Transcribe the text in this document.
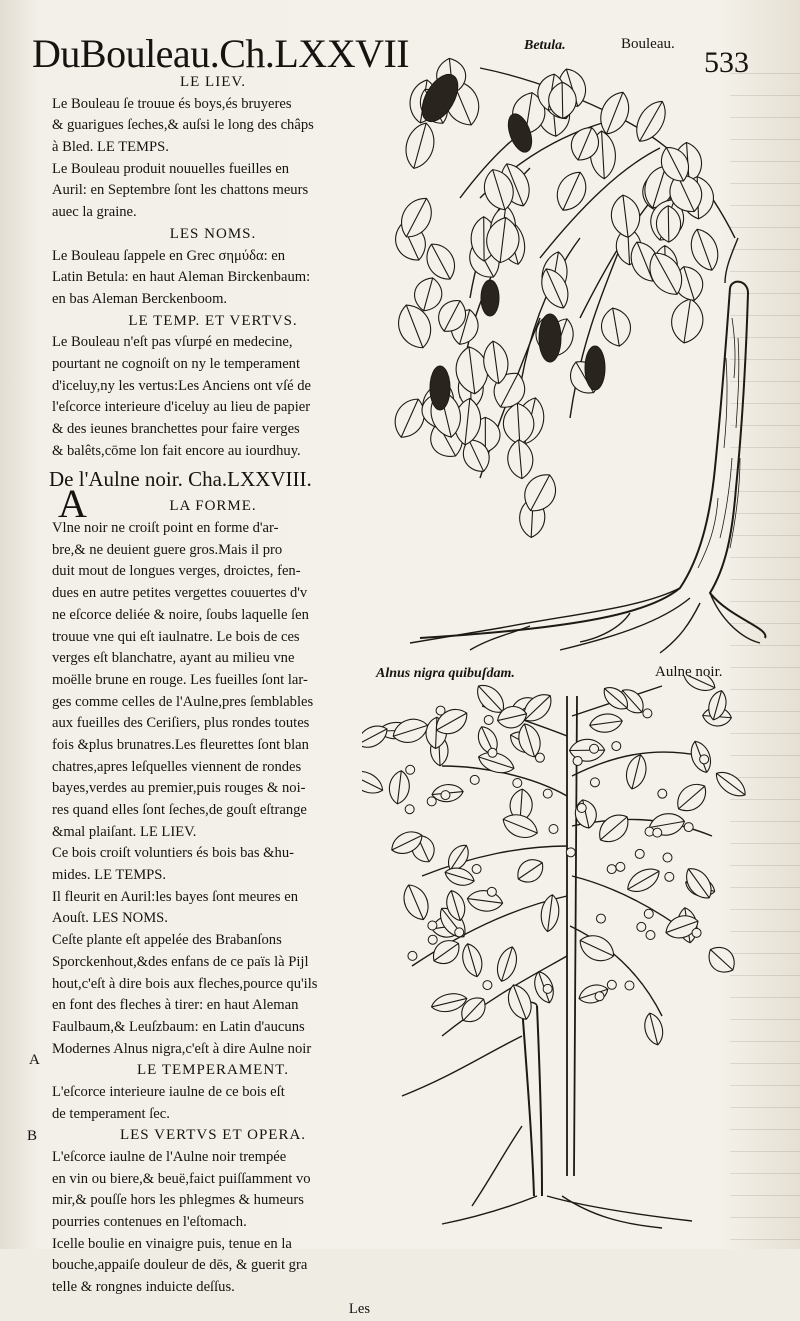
DuBouleau.Ch.LXXVII	Betula.	Bouleau.
533
LE LIEV.
Le Bouleau ſe trouue és boys,és bruyeres
& guarigues ſeches,& auſsi le long des châps
à Bled. LE TEMPS.
Le Bouleau produit nouuelles fueilles en
Auril: en Septembre ſont les chattons meurs
auec la graine.
LES NOMS.
Le Bouleau ſappele en Grec σημύδα: en
Latin Betula: en haut Aleman Birckenbaum:
en bas Aleman Berckenboom.
LE TEMP. ET VERTVS.
Le Bouleau n'eſt pas vſurpé en medecine,
pourtant ne cognoiſt on ny le temperament
d'iceluy,ny les vertus:Les Anciens ont vſé de
l'eſcorce interieure d'iceluy au lieu de papier
& des ieunes branchettes pour faire verges
& balêts,cōme lon fait encore au iourdhuy.
De l'Aulne noir. Cha.LXXVIII.
LA FORME.
Vlne noir ne croiſt point en forme d'ar-
bre,& ne deuient guere gros.Mais il pro
duit mout de longues verges, droictes, fen-
dues en autre petites vergettes couuertes d'v
ne eſcorce deliée & noire, ſoubs laquelle ſen
trouue vne qui eſt iaulnatre. Le bois de ces
verges eſt blanchatre, ayant au milieu vne
moëlle brune en rouge. Les fueilles ſont lar-
ges comme celles de l'Aulne,pres ſemblables
aux fueilles des Ceriſiers, plus rondes toutes
fois &plus brunatres.Les fleurettes ſont blan
chatres,apres leſquelles viennent de rondes
bayes,verdes au premier,puis rouges & noi-
res quand elles ſont ſeches,de gouſt eſtrange
&mal plaiſant. LE LIEV.
Ce bois croiſt voluntiers és bois bas &hu-
mides. LE TEMPS.
Il fleurit en Auril:les bayes ſont meures en
Aouſt. LES NOMS.
Ceſte plante eſt appelée des Brabanſons
Sporckenhout,&des enfans de ce païs là Pijl
hout,c'eſt à dire bois aux fleches,pource qu'ils
en font des fleches à tirer: en haut Aleman
Faulbaum,& Leuſzbaum: en Latin d'aucuns
Modernes Alnus nigra,c'eſt à dire Aulne noir
LE TEMPERAMENT.
L'eſcorce interieure iaulne de ce bois eſt
de temperament ſec.
LES VERTVS ET OPERA.
L'eſcorce iaulne de l'Aulne noir trempée
en vin ou biere,& beuë,faict puiſſamment vo
mir,& pouſſe hors les phlegmes & humeurs
pourries contenues en l'eſtomach.
Icelle boulie en vinaigre puis, tenue en la
bouche,appaiſe douleur de dēs, & guerit gra
telle & rongnes induicte deſſus.
Les
A
A
B
Alnus nigra quibuſdam.	Aulne noir.
